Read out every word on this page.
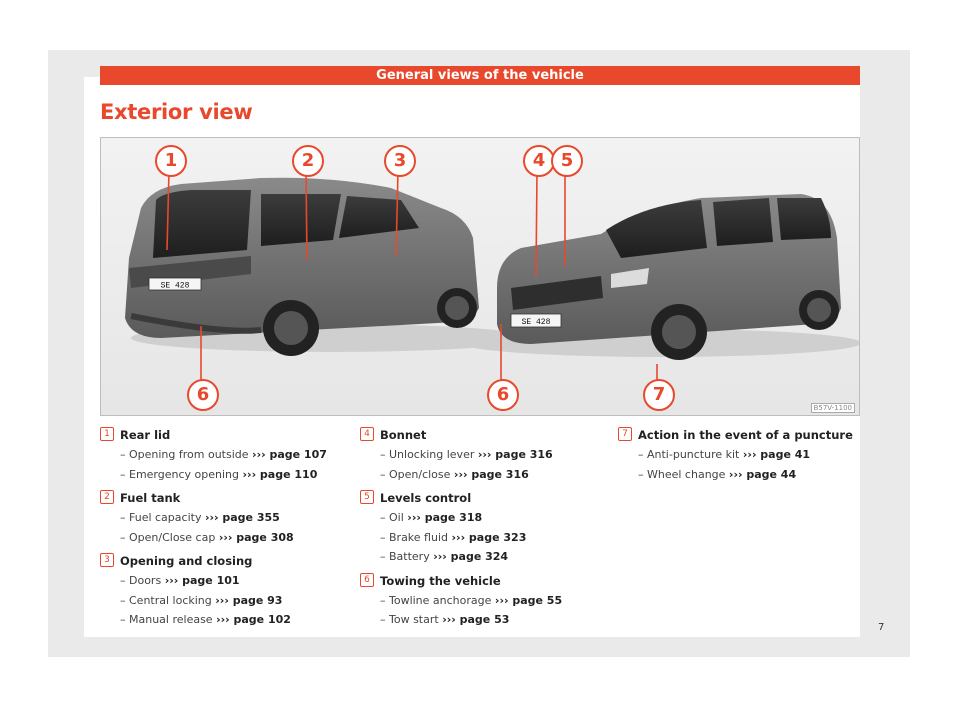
General views of the vehicle
Exterior view
SE 428
SE 428
1	2	3	4 5
6	6	7
B57V-1100
1 Rear lid
– Opening from outside ››› page 107
– Emergency opening ››› page 110
2 Fuel tank
– Fuel capacity ››› page 355
– Open/Close cap ››› page 308
3 Opening and closing
– Doors ››› page 101
– Central locking ››› page 93
– Manual release ››› page 102
4 Bonnet
– Unlocking lever ››› page 316
– Open/close ››› page 316
5 Levels control
– Oil ››› page 318
– Brake fluid ››› page 323
– Battery ››› page 324
6 Towing the vehicle
– Towline anchorage ››› page 55
– Tow start ››› page 53
7 Action in the event of a puncture
– Anti-puncture kit ››› page 41
– Wheel change ››› page 44
7
